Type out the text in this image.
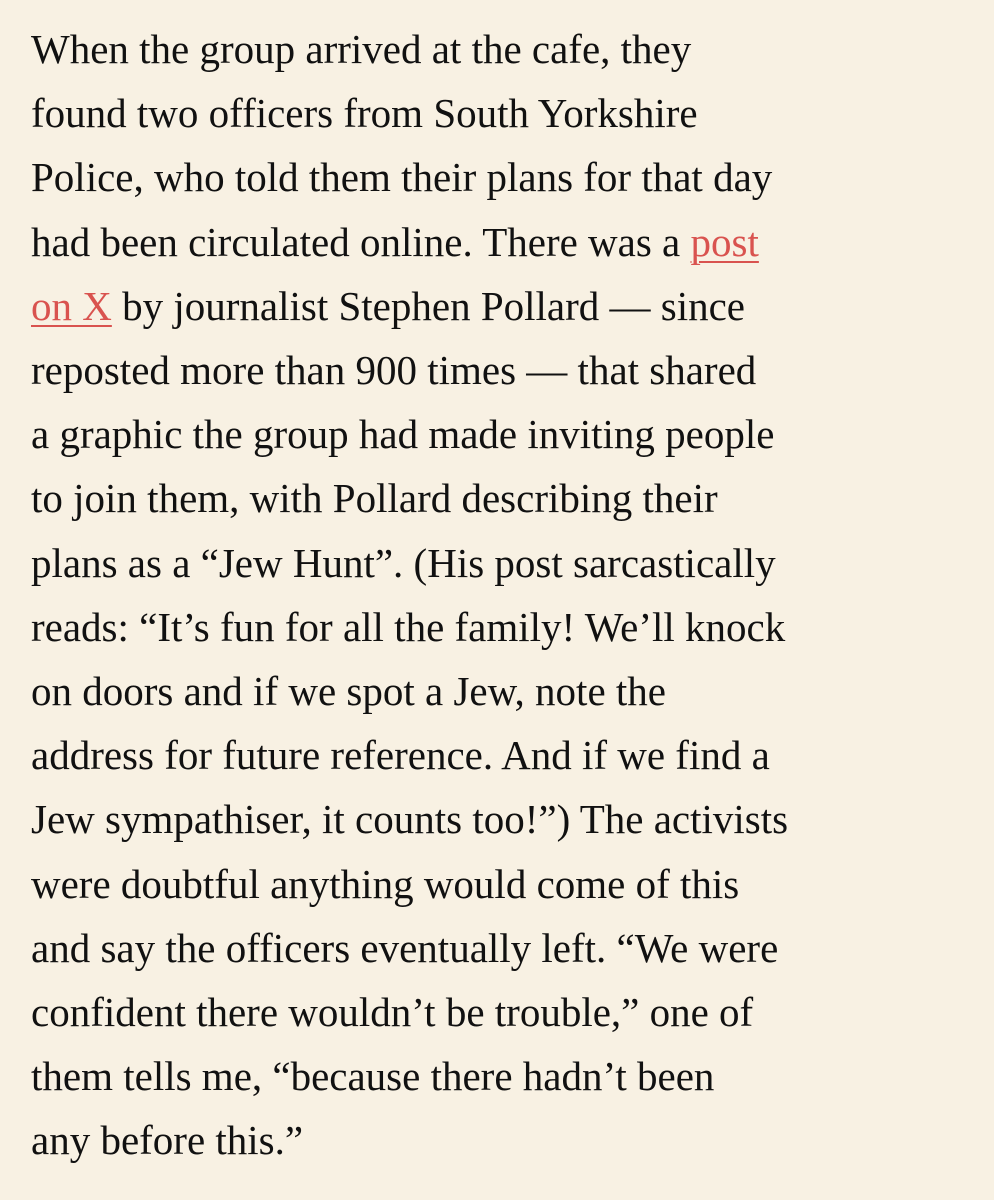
When the group arrived at the cafe, they
found two officers from South Yorkshire
Police, who told them their plans for that day
had been circulated online. There was a post
on X by journalist Stephen Pollard — since
reposted more than 900 times — that shared
a graphic the group had made inviting people
to join them, with Pollard describing their
plans as a “Jew Hunt”. (His post sarcastically
reads: “It’s fun for all the family! We’ll knock
on doors and if we spot a Jew, note the
address for future reference. And if we find a
Jew sympathiser, it counts too!”) The activists
were doubtful anything would come of this
and say the officers eventually left. “We were
confident there wouldn’t be trouble,” one of
them tells me, “because there hadn’t been
any before this.”
